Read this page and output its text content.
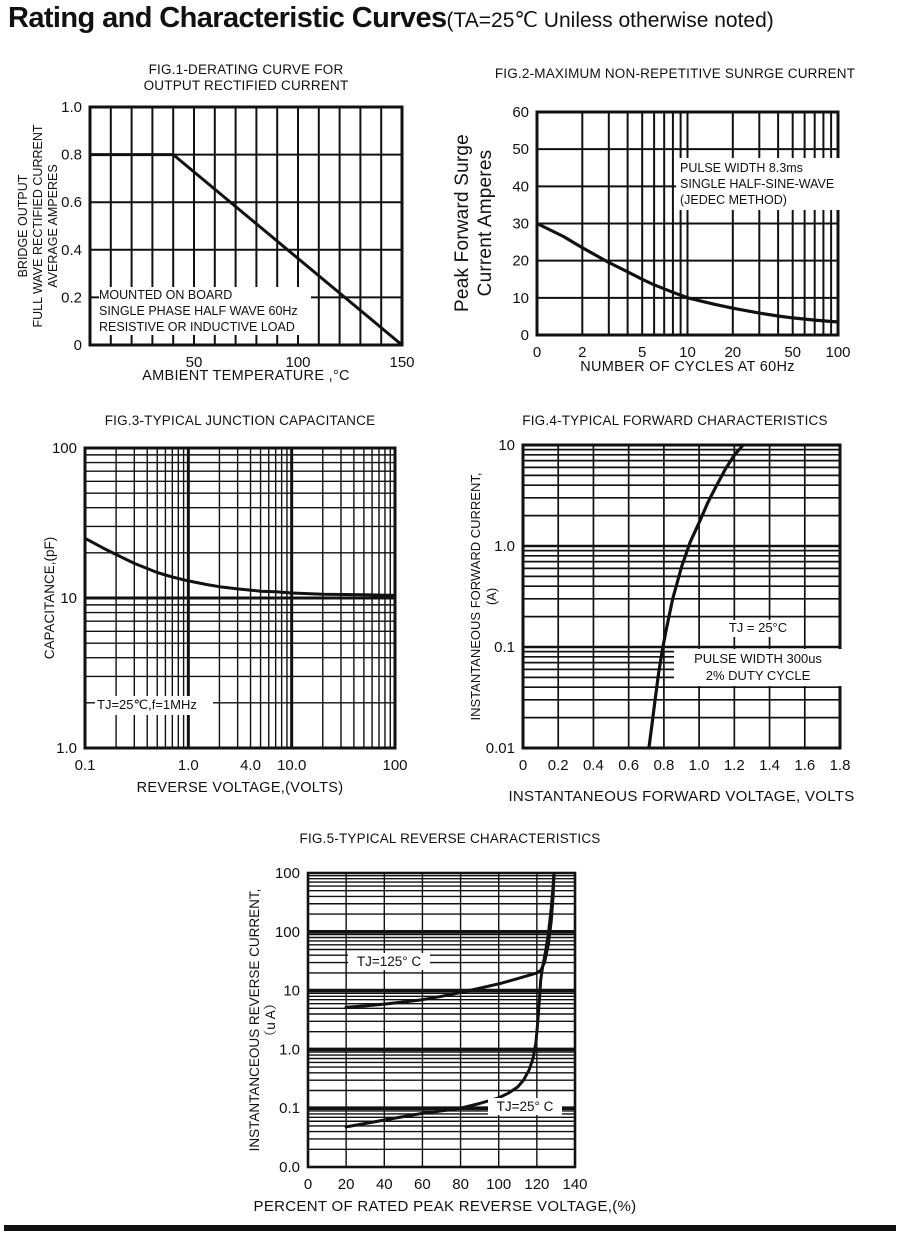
Rating and Characteristic Curves(TA=25℃ Uniless otherwise noted)
FIG.1-DERATING CURVE FOR
OUTPUT RECTIFIED CURRENT
BRIDGE OUTPUT FULL WAVE RECTIFIED CURRENT AVERAGE AMPERES
50	100	150
1.0
0.8
0.6
0.4
0.2
0
AMBIENT TEMPERATURE ,°C
MOUNTED ON BOARD
SINGLE PHASE HALF WAVE 60Hz
RESISTIVE OR INDUCTIVE LOAD
FIG.2-MAXIMUM NON-REPETITIVE SUNRGE CURRENT
Peak Forward Surge Current Amperes
0 2	5 10 20	50 100
60
50
40
30
20
10
0
NUMBER OF CYCLES AT 60Hz
PULSE WIDTH 8.3ms
SINGLE HALF-SINE-WAVE
(JEDEC METHOD)
FIG.3-TYPICAL JUNCTION CAPACITANCE
CAPACITANCE,(pF)
0.1	1.0	4.0 10.0	100
100
10
1.0
REVERSE VOLTAGE,(VOLTS)
TJ=25℃,f=1MHz
FIG.4-TYPICAL FORWARD CHARACTERISTICS
INSTANTANEOUS FORWARD CURRENT, (A)
0 0.2 0.4 0.6 0.8 1.0 1.2 1.4 1.6 1.8
10
1.0
0.1
0.01
INSTANTANEOUS FORWARD VOLTAGE, VOLTS
TJ = 25°C
PULSE WIDTH 300us
2% DUTY CYCLE
FIG.5-TYPICAL REVERSE CHARACTERISTICS
INSTANTANCEOUS REVERSE CURRENT, （u A）
0 20 40 60 80 100 120 140
100
100
10
1.0
0.1
0.0
PERCENT OF RATED PEAK REVERSE VOLTAGE,(%)
TJ=125° C
TJ=25° C
